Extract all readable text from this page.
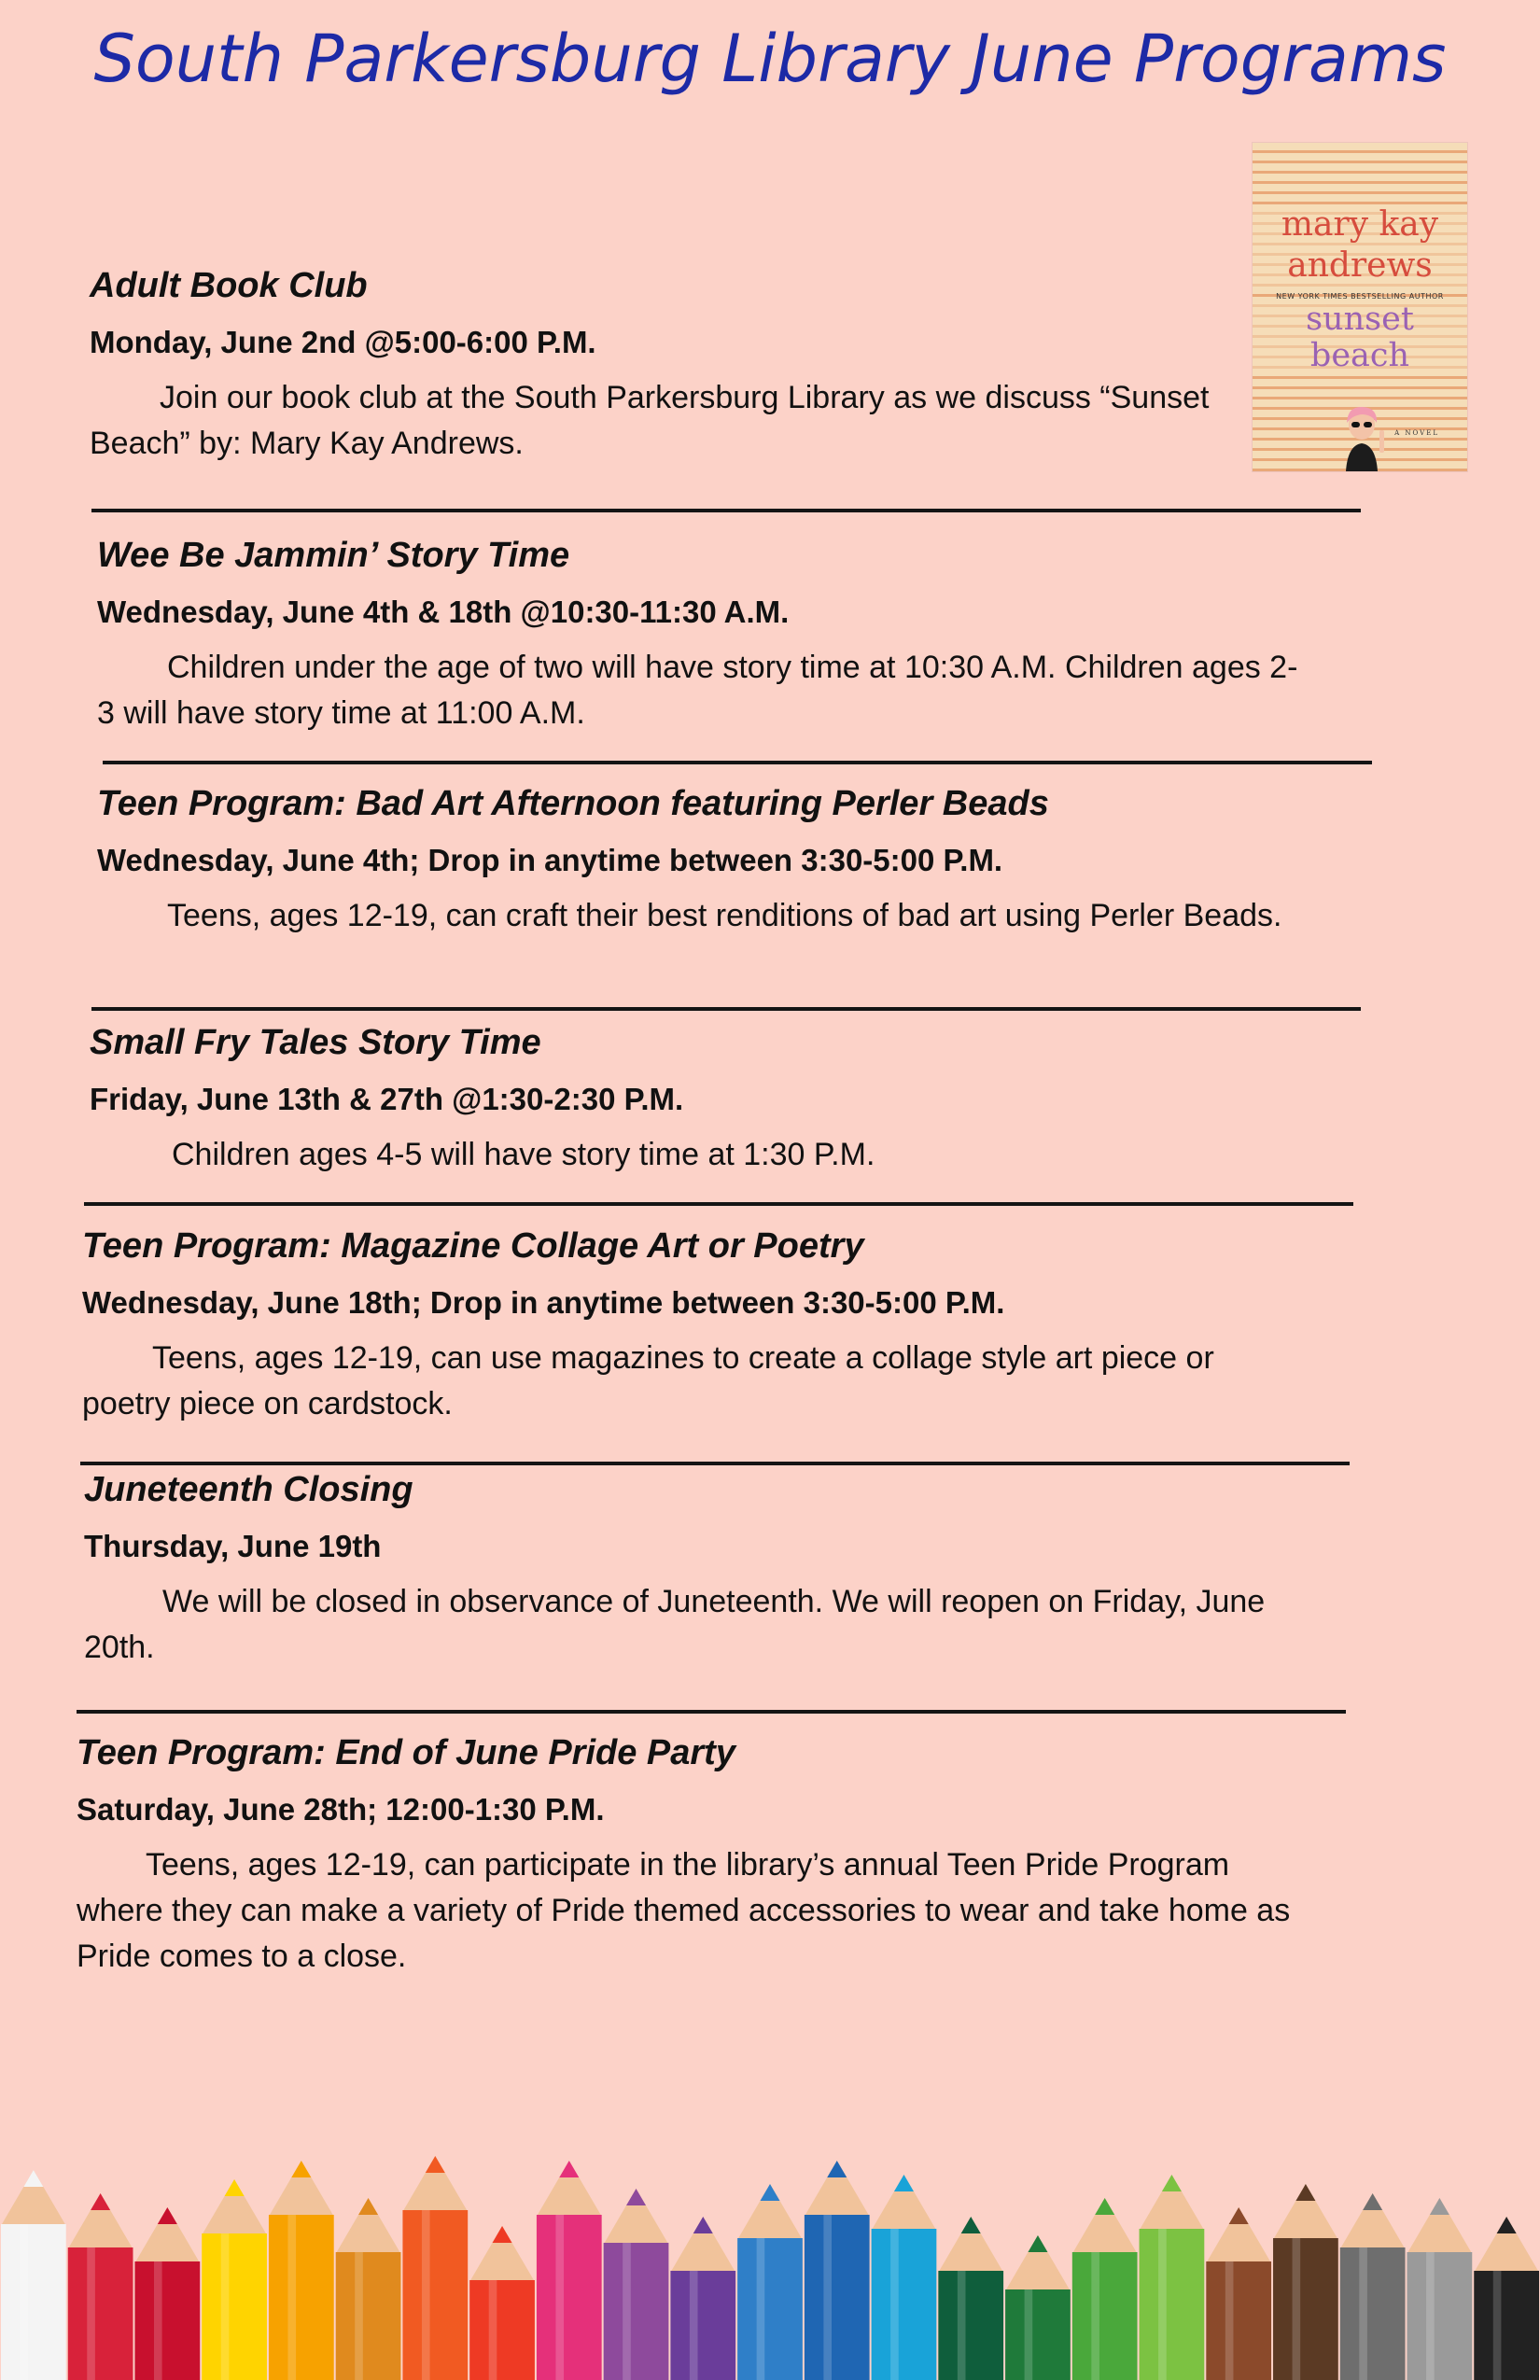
South Parkersburg Library June Programs
mary kay andrews
NEW YORK TIMES BESTSELLING AUTHOR
sunset beach
A NOVEL
Adult Book Club
Monday, June 2nd @5:00-6:00 P.M.

Join our book club at the South Parkersburg Library as we discuss “Sunset Beach” by: Mary Kay Andrews.

Wee Be Jammin’ Story Time
Wednesday, June 4th & 18th @10:30-11:30 A.M.

Children under the age of two will have story time at 10:30 A.M. Children ages 2-3 will have story time at 11:00 A.M.

Teen Program: Bad Art Afternoon featuring Perler Beads
Wednesday, June 4th; Drop in anytime between 3:30-5:00 P.M.

Teens, ages 12-19, can craft their best renditions of bad art using Perler Beads.

Small Fry Tales Story Time
Friday, June 13th & 27th @1:30-2:30 P.M.

Children ages 4-5 will have story time at 1:30 P.M.

Teen Program: Magazine Collage Art or Poetry
Wednesday, June 18th; Drop in anytime between 3:30-5:00 P.M.

Teens, ages 12-19, can use magazines to create a collage style art piece or poetry piece on cardstock.

Juneteenth Closing
Thursday, June 19th

We will be closed in observance of Juneteenth. We will reopen on Friday, June 20th.

Teen Program: End of June Pride Party
Saturday, June 28th; 12:00-1:30 P.M.

Teens, ages 12-19, can participate in the library’s annual Teen Pride Program where they can make a variety of Pride themed accessories to wear and take home as Pride comes to a close.
